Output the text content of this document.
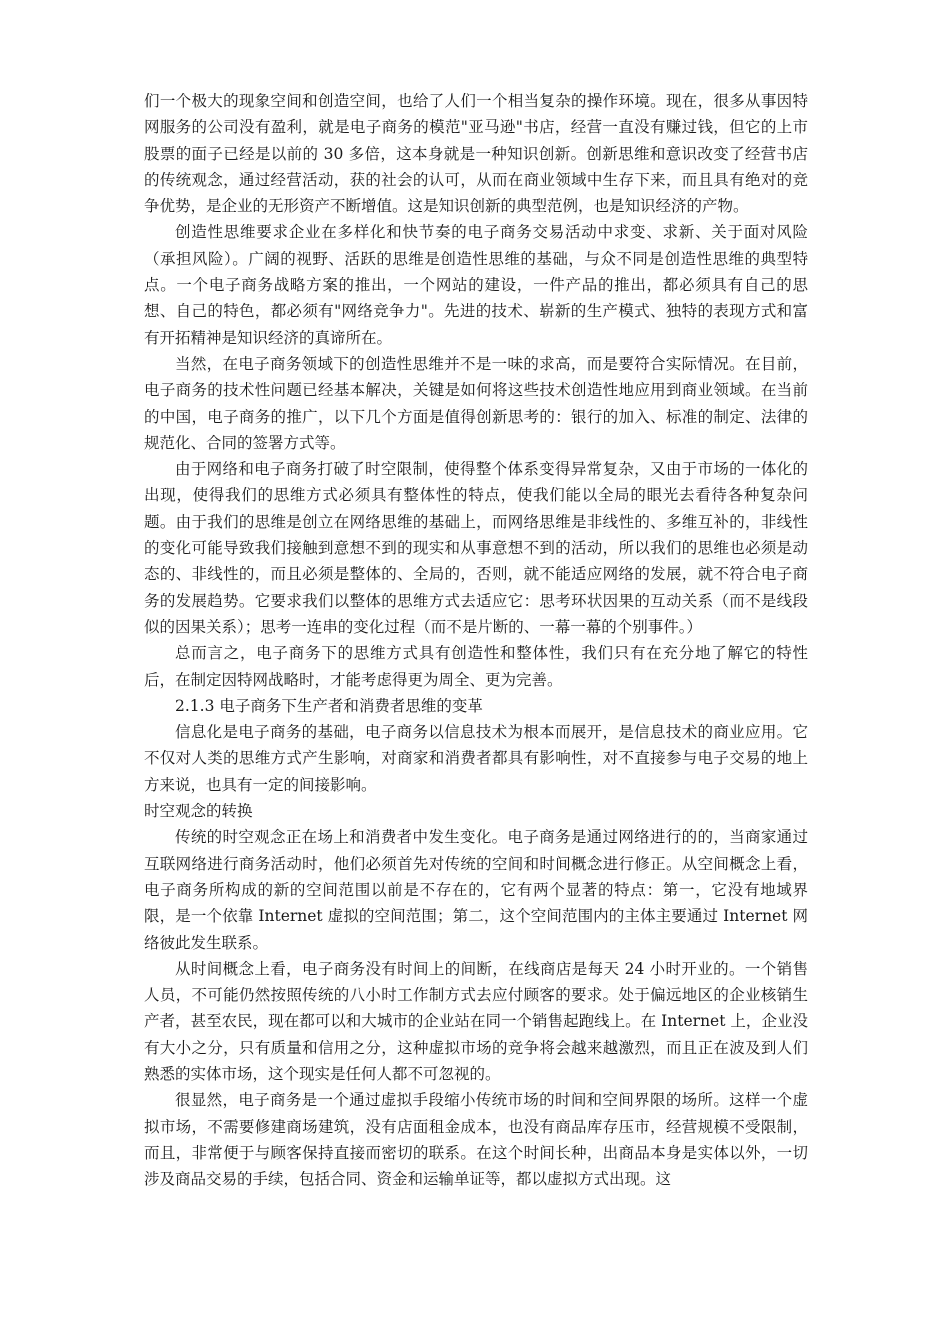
们一个极大的现象空间和创造空间，也给了人们一个相当复杂的操作环境。现在，很多从事因特网服务的公司没有盈利，就是电子商务的模范"亚马逊"书店，经营一直没有赚过钱，但它的上市股票的面子已经是以前的 30 多倍，这本身就是一种知识创新。创新思维和意识改变了经营书店的传统观念，通过经营活动，获的社会的认可，从而在商业领域中生存下来，而且具有绝对的竞争优势，是企业的无形资产不断增值。这是知识创新的典型范例，也是知识经济的产物。

创造性思维要求企业在多样化和快节奏的电子商务交易活动中求变、求新、关于面对风险（承担风险）。广阔的视野、活跃的思维是创造性思维的基础，与众不同是创造性思维的典型特点。一个电子商务战略方案的推出，一个网站的建设，一件产品的推出，都必须具有自己的思想、自己的特色，都必须有"网络竞争力"。先进的技术、崭新的生产模式、独特的表现方式和富有开拓精神是知识经济的真谛所在。

当然，在电子商务领域下的创造性思维并不是一味的求高，而是要符合实际情况。在目前，电子商务的技术性问题已经基本解决，关键是如何将这些技术创造性地应用到商业领域。在当前的中国，电子商务的推广，以下几个方面是值得创新思考的：银行的加入、标准的制定、法律的规范化、合同的签署方式等。

由于网络和电子商务打破了时空限制，使得整个体系变得异常复杂，又由于市场的一体化的出现，使得我们的思维方式必须具有整体性的特点，使我们能以全局的眼光去看待各种复杂问题。由于我们的思维是创立在网络思维的基础上，而网络思维是非线性的、多维互补的，非线性的变化可能导致我们接触到意想不到的现实和从事意想不到的活动，所以我们的思维也必须是动态的、非线性的，而且必须是整体的、全局的，否则，就不能适应网络的发展，就不符合电子商务的发展趋势。它要求我们以整体的思维方式去适应它：思考环状因果的互动关系（而不是线段似的因果关系）；思考一连串的变化过程（而不是片断的、一幕一幕的个别事件。）

总而言之，电子商务下的思维方式具有创造性和整体性，我们只有在充分地了解它的特性后，在制定因特网战略时，才能考虑得更为周全、更为完善。

2.1.3 电子商务下生产者和消费者思维的变革

信息化是电子商务的基础，电子商务以信息技术为根本而展开，是信息技术的商业应用。它不仅对人类的思维方式产生影响，对商家和消费者都具有影响性，对不直接参与电子交易的地上方来说，也具有一定的间接影响。

时空观念的转换

传统的时空观念正在场上和消费者中发生变化。电子商务是通过网络进行的的，当商家通过互联网络进行商务活动时，他们必须首先对传统的空间和时间概念进行修正。从空间概念上看，电子商务所构成的新的空间范围以前是不存在的，它有两个显著的特点：第一，它没有地域界限，是一个依靠 Internet 虚拟的空间范围；第二，这个空间范围内的主体主要通过 Internet 网络彼此发生联系。

从时间概念上看，电子商务没有时间上的间断，在线商店是每天 24 小时开业的。一个销售人员，不可能仍然按照传统的八小时工作制方式去应付顾客的要求。处于偏远地区的企业核销生产者，甚至农民，现在都可以和大城市的企业站在同一个销售起跑线上。在 Internet 上，企业没有大小之分，只有质量和信用之分，这种虚拟市场的竞争将会越来越激烈，而且正在波及到人们熟悉的实体市场，这个现实是任何人都不可忽视的。

很显然，电子商务是一个通过虚拟手段缩小传统市场的时间和空间界限的场所。这样一个虚拟市场，不需要修建商场建筑，没有店面租金成本，也没有商品库存压市，经营规模不受限制，而且，非常便于与顾客保持直接而密切的联系。在这个时间长种，出商品本身是实体以外，一切涉及商品交易的手续，包括合同、资金和运输单证等，都以虚拟方式出现。这
